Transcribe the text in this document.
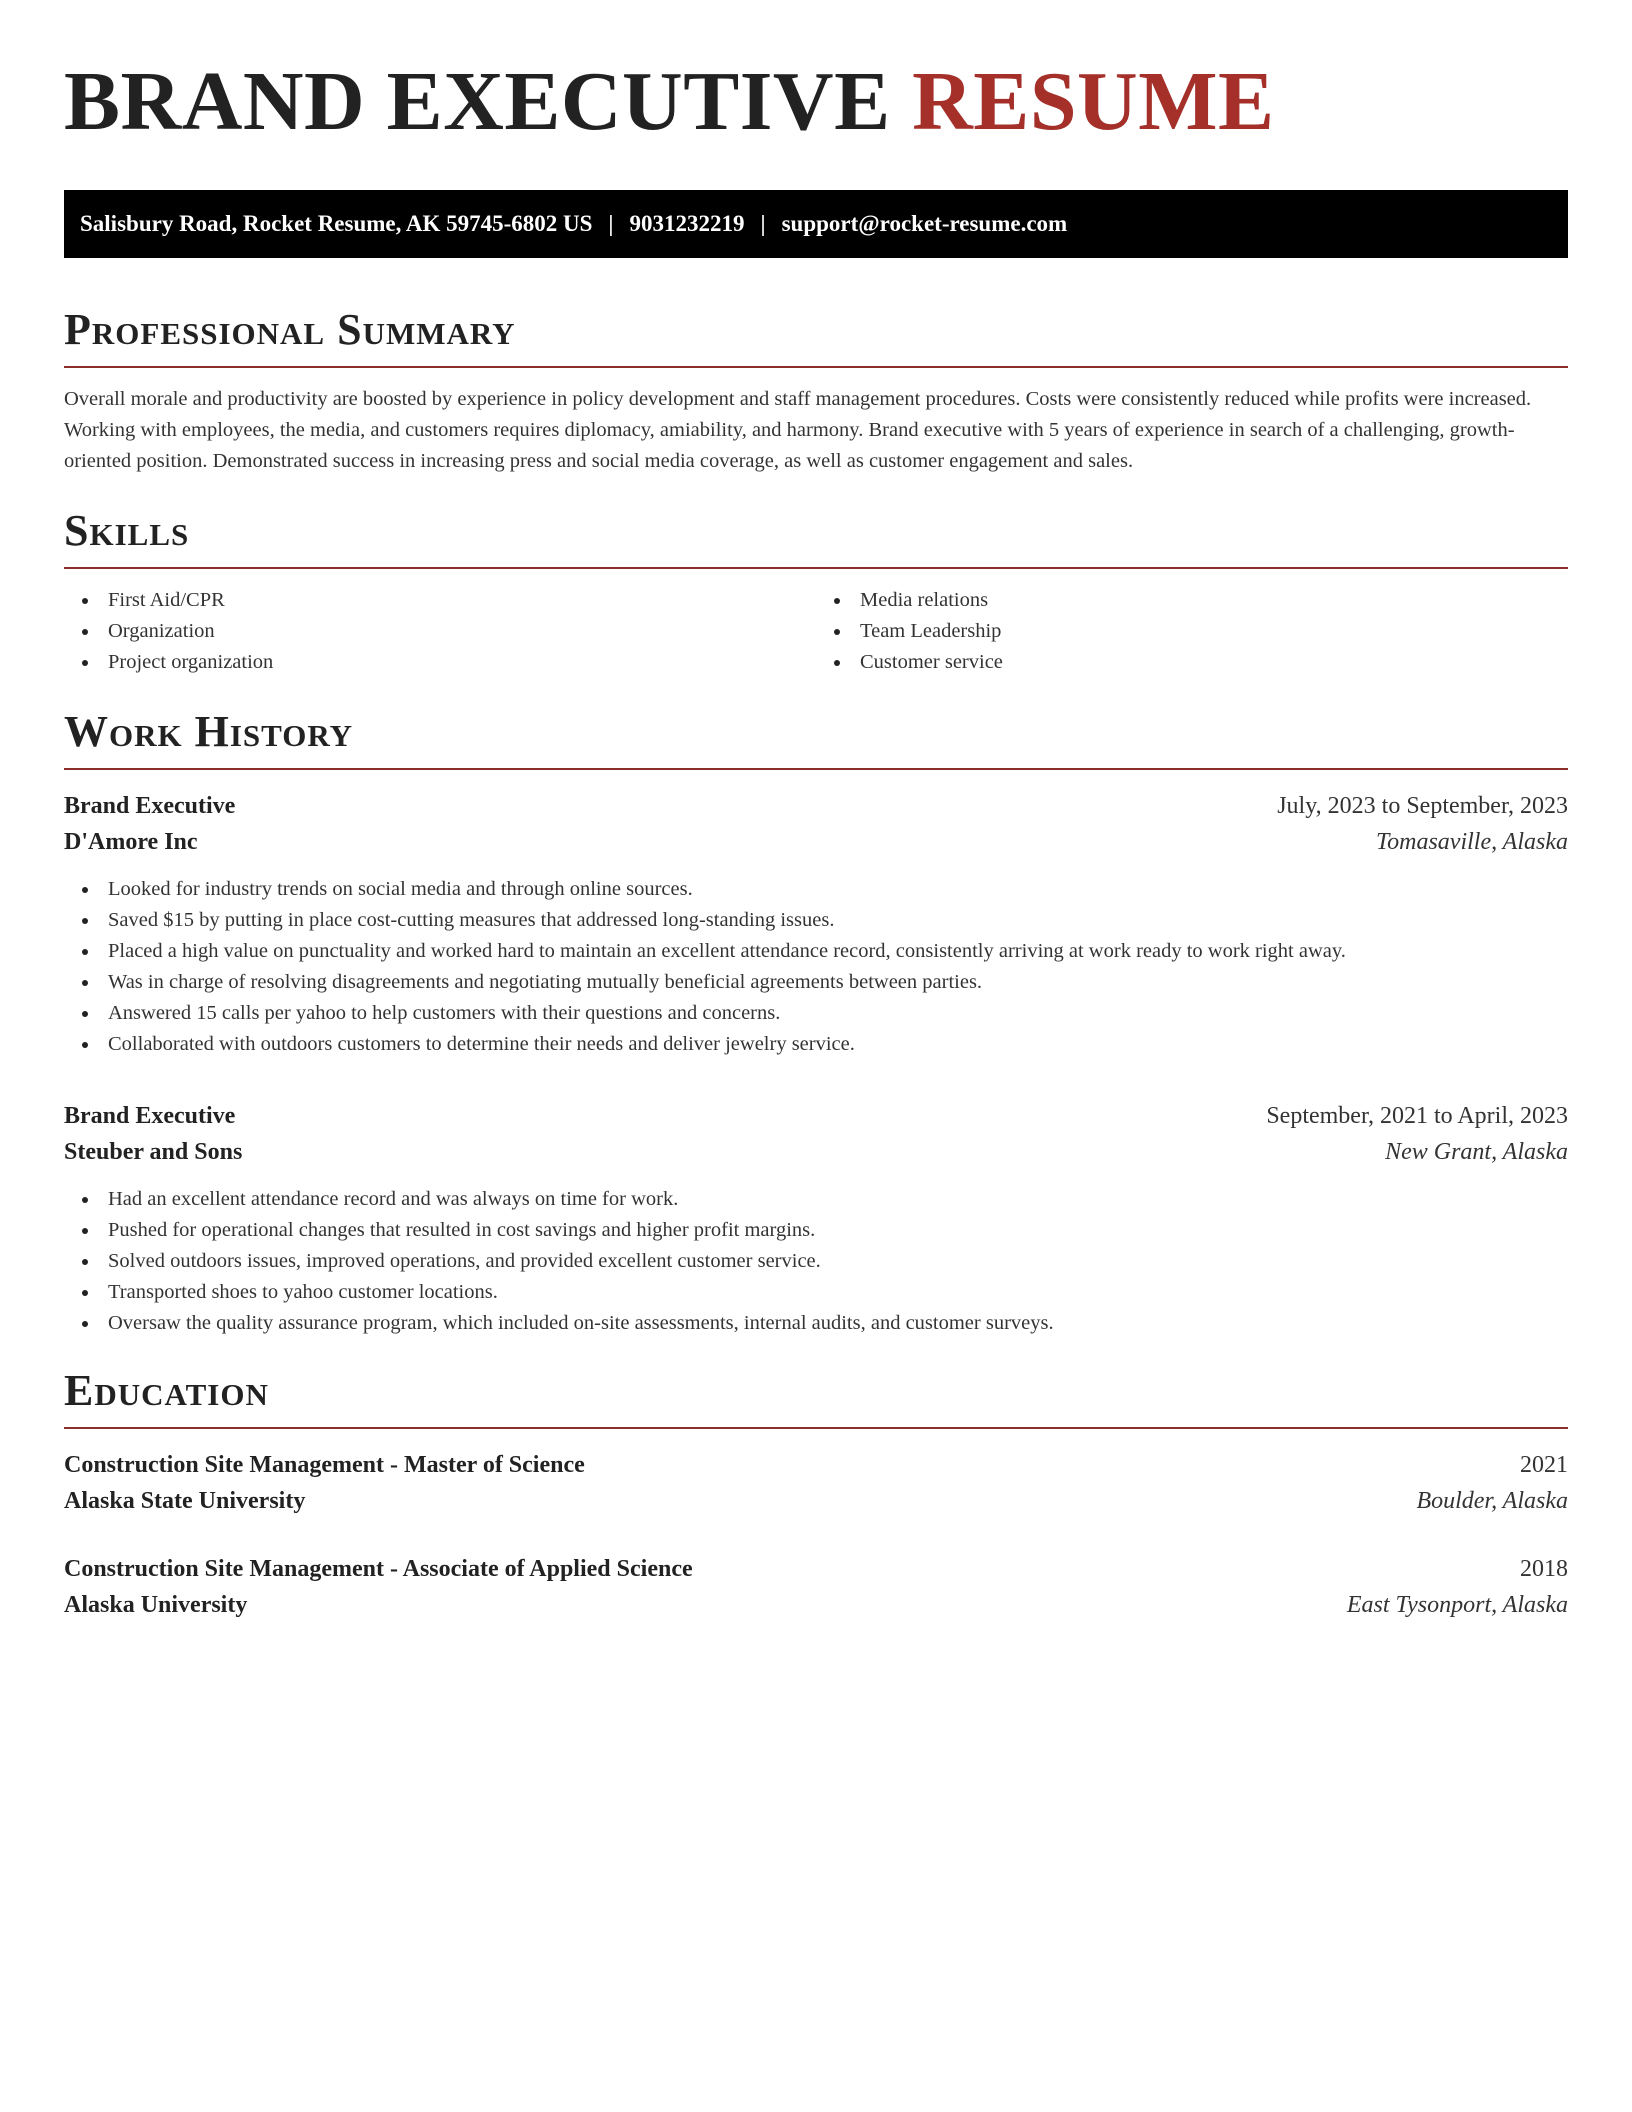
BRAND EXECUTIVE RESUME
Salisbury Road, Rocket Resume, AK 59745-6802 US | 9031232219 | support@rocket-resume.com
Professional Summary

Overall morale and productivity are boosted by experience in policy development and staff management procedures. Costs were consistently reduced while profits were increased. Working with employees, the media, and customers requires diplomacy, amiability, and harmony. Brand executive with 5 years of experience in search of a challenging, growth-oriented position. Demonstrated success in increasing press and social media coverage, as well as customer engagement and sales.

Skills
First Aid/CPR
Organization
Project organization
Media relations
Team Leadership
Customer service
Work History
Brand Executive	July, 2023 to September, 2023
D'Amore Inc	Tomasaville, Alaska
Looked for industry trends on social media and through online sources.
Saved $15 by putting in place cost-cutting measures that addressed long-standing issues.
Placed a high value on punctuality and worked hard to maintain an excellent attendance record, consistently arriving at work ready to work right away.
Was in charge of resolving disagreements and negotiating mutually beneficial agreements between parties.
Answered 15 calls per yahoo to help customers with their questions and concerns.
Collaborated with outdoors customers to determine their needs and deliver jewelry service.
Brand Executive	September, 2021 to April, 2023
Steuber and Sons	New Grant, Alaska
Had an excellent attendance record and was always on time for work.
Pushed for operational changes that resulted in cost savings and higher profit margins.
Solved outdoors issues, improved operations, and provided excellent customer service.
Transported shoes to yahoo customer locations.
Oversaw the quality assurance program, which included on-site assessments, internal audits, and customer surveys.
Education
Construction Site Management - Master of Science	2021
Alaska State University	Boulder, Alaska
Construction Site Management - Associate of Applied Science	2018
Alaska University	East Tysonport, Alaska
